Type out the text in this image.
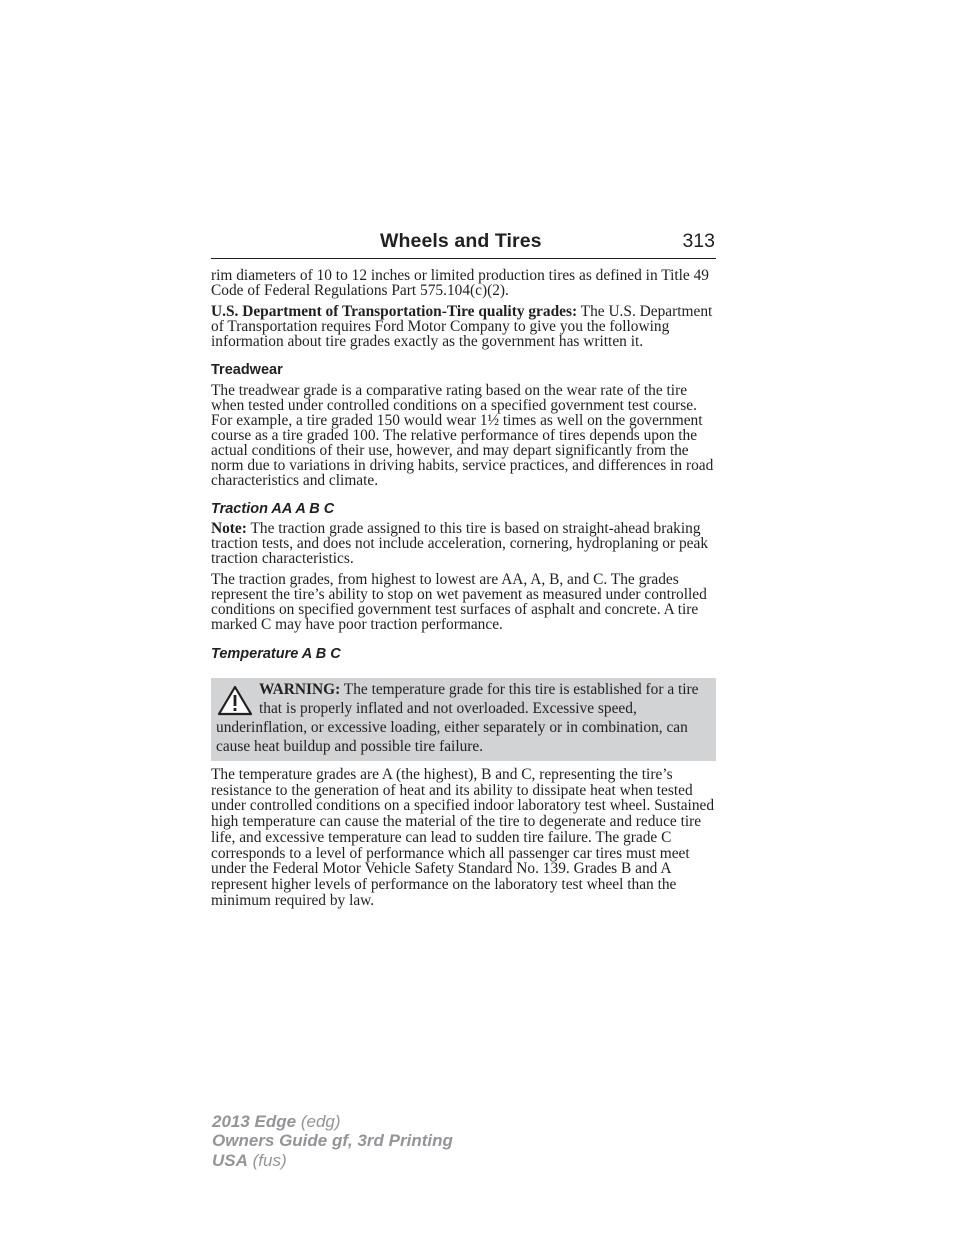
Wheels and Tires	313

rim diameters of 10 to 12 inches or limited production tires as defined in Title 49 Code of Federal Regulations Part 575.104(c)(2).

U.S. Department of Transportation-Tire quality grades: The U.S. Department of Transportation requires Ford Motor Company to give you the following information about tire grades exactly as the government has written it.

Treadwear

The treadwear grade is a comparative rating based on the wear rate of the tire when tested under controlled conditions on a specified government test course. For example, a tire graded 150 would wear 1½ times as well on the government course as a tire graded 100. The relative performance of tires depends upon the actual conditions of their use, however, and may depart significantly from the norm due to variations in driving habits, service practices, and differences in road characteristics and climate.

Traction AA A B C

Note: The traction grade assigned to this tire is based on straight-ahead braking traction tests, and does not include acceleration, cornering, hydroplaning or peak traction characteristics.

The traction grades, from highest to lowest are AA, A, B, and C. The grades represent the tire’s ability to stop on wet pavement as measured under controlled conditions on specified government test surfaces of asphalt and concrete. A tire marked C may have poor traction performance.

Temperature A B C
WARNING: The temperature grade for this tire is established for a tire that is properly inflated and not overloaded. Excessive speed, underinflation, or excessive loading, either separately or in combination, can cause heat buildup and possible tire failure.

The temperature grades are A (the highest), B and C, representing the tire’s resistance to the generation of heat and its ability to dissipate heat when tested under controlled conditions on a specified indoor laboratory test wheel. Sustained high temperature can cause the material of the tire to degenerate and reduce tire life, and excessive temperature can lead to sudden tire failure. The grade C corresponds to a level of performance which all passenger car tires must meet under the Federal Motor Vehicle Safety Standard No. 139. Grades B and A represent higher levels of performance on the laboratory test wheel than the minimum required by law.

2013 Edge (edg)
Owners Guide gf, 3rd Printing
USA (fus)
